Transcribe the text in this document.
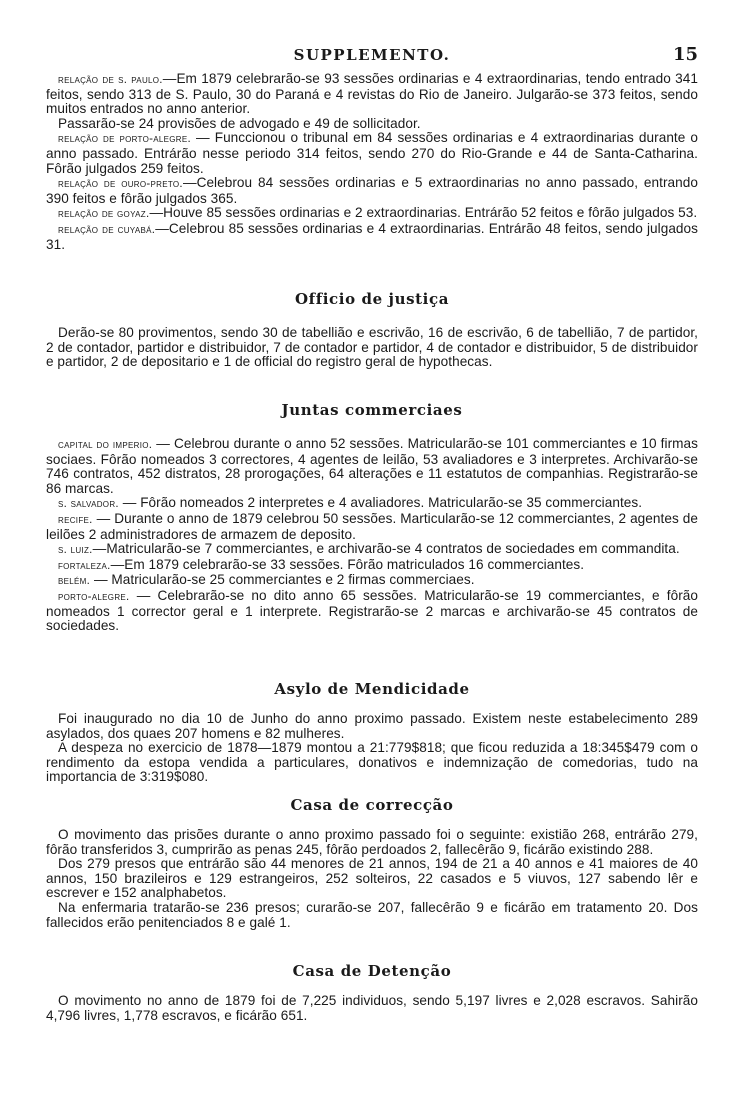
SUPPLEMENTO.	15

relação de s. paulo.—Em 1879 celebrarão-se 93 sessões ordinarias e 4 extraordinarias, tendo entrado 341 feitos, sendo 313 de S. Paulo, 30 do Paraná e 4 revistas do Rio de Janeiro. Julgarão-se 373 feitos, sendo muitos entrados no anno anterior.

Passarão-se 24 provisões de advogado e 49 de sollicitador.

relação de porto-alegre. — Funccionou o tribunal em 84 sessões ordinarias e 4 extraordinarias durante o anno passado. Entrárão nesse periodo 314 feitos, sendo 270 do Rio-Grande e 44 de Santa-Catharina. Fôrão julgados 259 feitos.

relação de ouro-preto.—Celebrou 84 sessões ordinarias e 5 extraordinarias no anno passado, entrando 390 feitos e fôrão julgados 365.

relação de goyaz.—Houve 85 sessões ordinarias e 2 extraordinarias. Entrárão 52 feitos e fôrão julgados 53.

relação de cuyabá.—Celebrou 85 sessões ordinarias e 4 extraordinarias. Entrárão 48 feitos, sendo julgados 31.

Officio de justiça

Derão-se 80 provimentos, sendo 30 de tabellião e escrivão, 16 de escrivão, 6 de tabellião, 7 de partidor, 2 de contador, partidor e distribuidor, 7 de contador e partidor, 4 de contador e distribuidor, 5 de distribuidor e partidor, 2 de depositario e 1 de official do registro geral de hypothecas.

Juntas commerciaes

capital do imperio. — Celebrou durante o anno 52 sessões. Matricularão-se 101 commerciantes e 10 firmas sociaes. Fôrão nomeados 3 correctores, 4 agentes de leilão, 53 avaliadores e 3 interpretes. Archivarão-se 746 contratos, 452 distratos, 28 prorogações, 64 alterações e 11 estatutos de companhias. Registrarão-se 86 marcas.

s. salvador. — Fôrão nomeados 2 interpretes e 4 avaliadores. Matricularão-se 35 commerciantes.

recife. — Durante o anno de 1879 celebrou 50 sessões. Marticularão-se 12 commerciantes, 2 agentes de leilões 2 administradores de armazem de deposito.

s. luiz.—Matricularão-se 7 commerciantes, e archivarão-se 4 contratos de sociedades em commandita.

fortaleza.—Em 1879 celebrarão-se 33 sessões. Fôrão matriculados 16 commerciantes.

belém. — Matricularão-se 25 commerciantes e 2 firmas commerciaes.

porto-alegre. — Celebrarão-se no dito anno 65 sessões. Matricularão-se 19 commerciantes, e fôrão nomeados 1 corrector geral e 1 interprete. Registrarão-se 2 marcas e archivarão-se 45 contratos de sociedades.

Asylo de Mendicidade

Foi inaugurado no dia 10 de Junho do anno proximo passado. Existem neste estabelecimento 289 asylados, dos quaes 207 homens e 82 mulheres.

A despeza no exercicio de 1878—1879 montou a 21:779$818; que ficou reduzida a 18:345$479 com o rendimento da estopa vendida a particulares, donativos e indemnização de comedorias, tudo na importancia de 3:319$080.

Casa de correcção

O movimento das prisões durante o anno proximo passado foi o seguinte: existião 268, entrárão 279, fôrão transferidos 3, cumprirão as penas 245, fôrão perdoados 2, fallecêrão 9, ficárão existindo 288.

Dos 279 presos que entrárão são 44 menores de 21 annos, 194 de 21 a 40 annos e 41 maiores de 40 annos, 150 brazileiros e 129 estrangeiros, 252 solteiros, 22 casados e 5 viuvos, 127 sabendo lêr e escrever e 152 analphabetos.

Na enfermaria tratarão-se 236 presos; curarão-se 207, fallecêrão 9 e ficárão em tratamento 20. Dos fallecidos erão penitenciados 8 e galé 1.

Casa de Detenção

O movimento no anno de 1879 foi de 7,225 individuos, sendo 5,197 livres e 2,028 escravos. Sahirão 4,796 livres, 1,778 escravos, e ficárão 651.
